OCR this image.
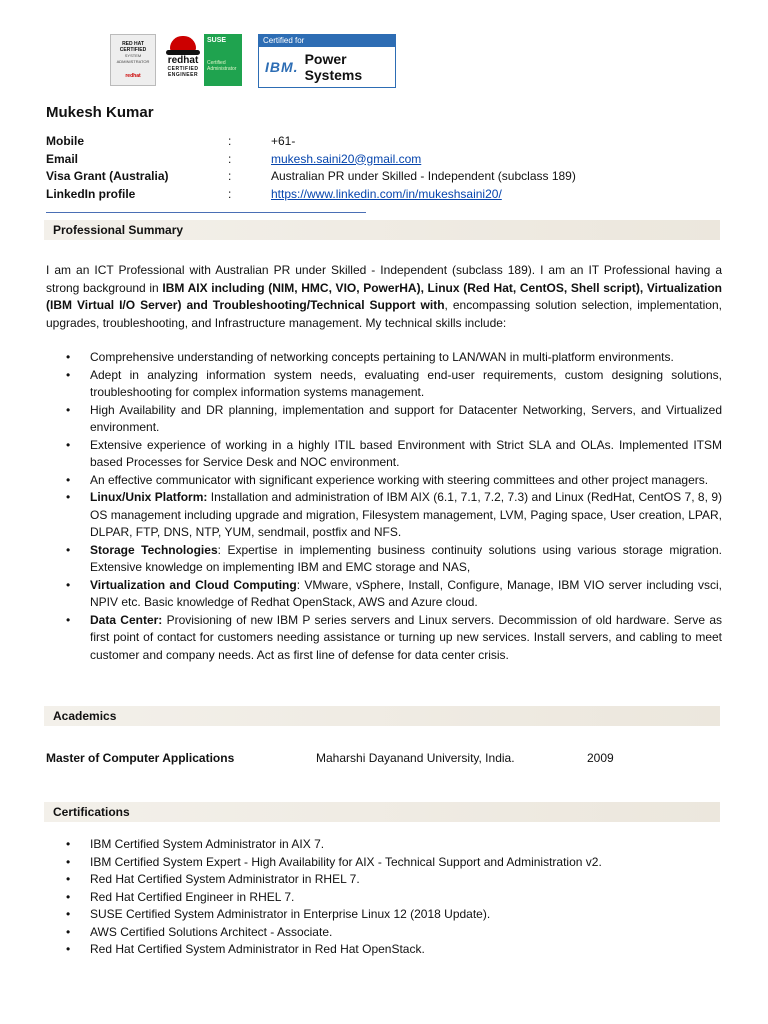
RED HAT
CERTIFIED
SYSTEM ADMINISTRATOR
redhat
redhat
CERTIFIED
ENGINEER
SUSE
Certified Administrator
Certified for
IBM. Power Systems
Mukesh Kumar
Mobile	:	+61-
Email	:	mukesh.saini20@gmail.com
Visa Grant (Australia)	:	Australian PR under Skilled - Independent (subclass 189)
LinkedIn profile	:	https://www.linkedin.com/in/mukeshsaini20/
Professional Summary
I am an ICT Professional with Australian PR under Skilled - Independent (subclass 189). I am an IT Professional having a strong background in IBM AIX including (NIM, HMC, VIO, PowerHA), Linux (Red Hat, CentOS, Shell script), Virtualization (IBM Virtual I/O Server) and Troubleshooting/Technical Support with, encompassing solution selection, implementation, upgrades, troubleshooting, and Infrastructure management. My technical skills include:
• Comprehensive understanding of networking concepts pertaining to LAN/WAN in multi-platform environments.
• Adept in analyzing information system needs, evaluating end-user requirements, custom designing solutions, troubleshooting for complex information systems management.
• High Availability and DR planning, implementation and support for Datacenter Networking, Servers, and Virtualized environment.
• Extensive experience of working in a highly ITIL based Environment with Strict SLA and OLAs. Implemented ITSM based Processes for Service Desk and NOC environment.
• An effective communicator with significant experience working with steering committees and other project managers.
• Linux/Unix Platform: Installation and administration of IBM AIX (6.1, 7.1, 7.2, 7.3) and Linux (RedHat, CentOS 7, 8, 9) OS management including upgrade and migration, Filesystem management, LVM, Paging space, User creation, LPAR, DLPAR, FTP, DNS, NTP, YUM, sendmail, postfix and NFS.
• Storage Technologies: Expertise in implementing business continuity solutions using various storage migration. Extensive knowledge on implementing IBM and EMC storage and NAS,
• Virtualization and Cloud Computing: VMware, vSphere, Install, Configure, Manage, IBM VIO server including vsci, NPIV etc. Basic knowledge of Redhat OpenStack, AWS and Azure cloud.
• Data Center: Provisioning of new IBM P series servers and Linux servers. Decommission of old hardware. Serve as first point of contact for customers needing assistance or turning up new services. Install servers, and cabling to meet customer and company needs. Act as first line of defense for data center crisis.
Academics
Master of Computer Applications	Maharshi Dayanand University, India.	2009
Certifications
• IBM Certified System Administrator in AIX 7.
• IBM Certified System Expert - High Availability for AIX - Technical Support and Administration v2.
• Red Hat Certified System Administrator in RHEL 7.
• Red Hat Certified Engineer in RHEL 7.
• SUSE Certified System Administrator in Enterprise Linux 12 (2018 Update).
• AWS Certified Solutions Architect - Associate.
• Red Hat Certified System Administrator in Red Hat OpenStack.
